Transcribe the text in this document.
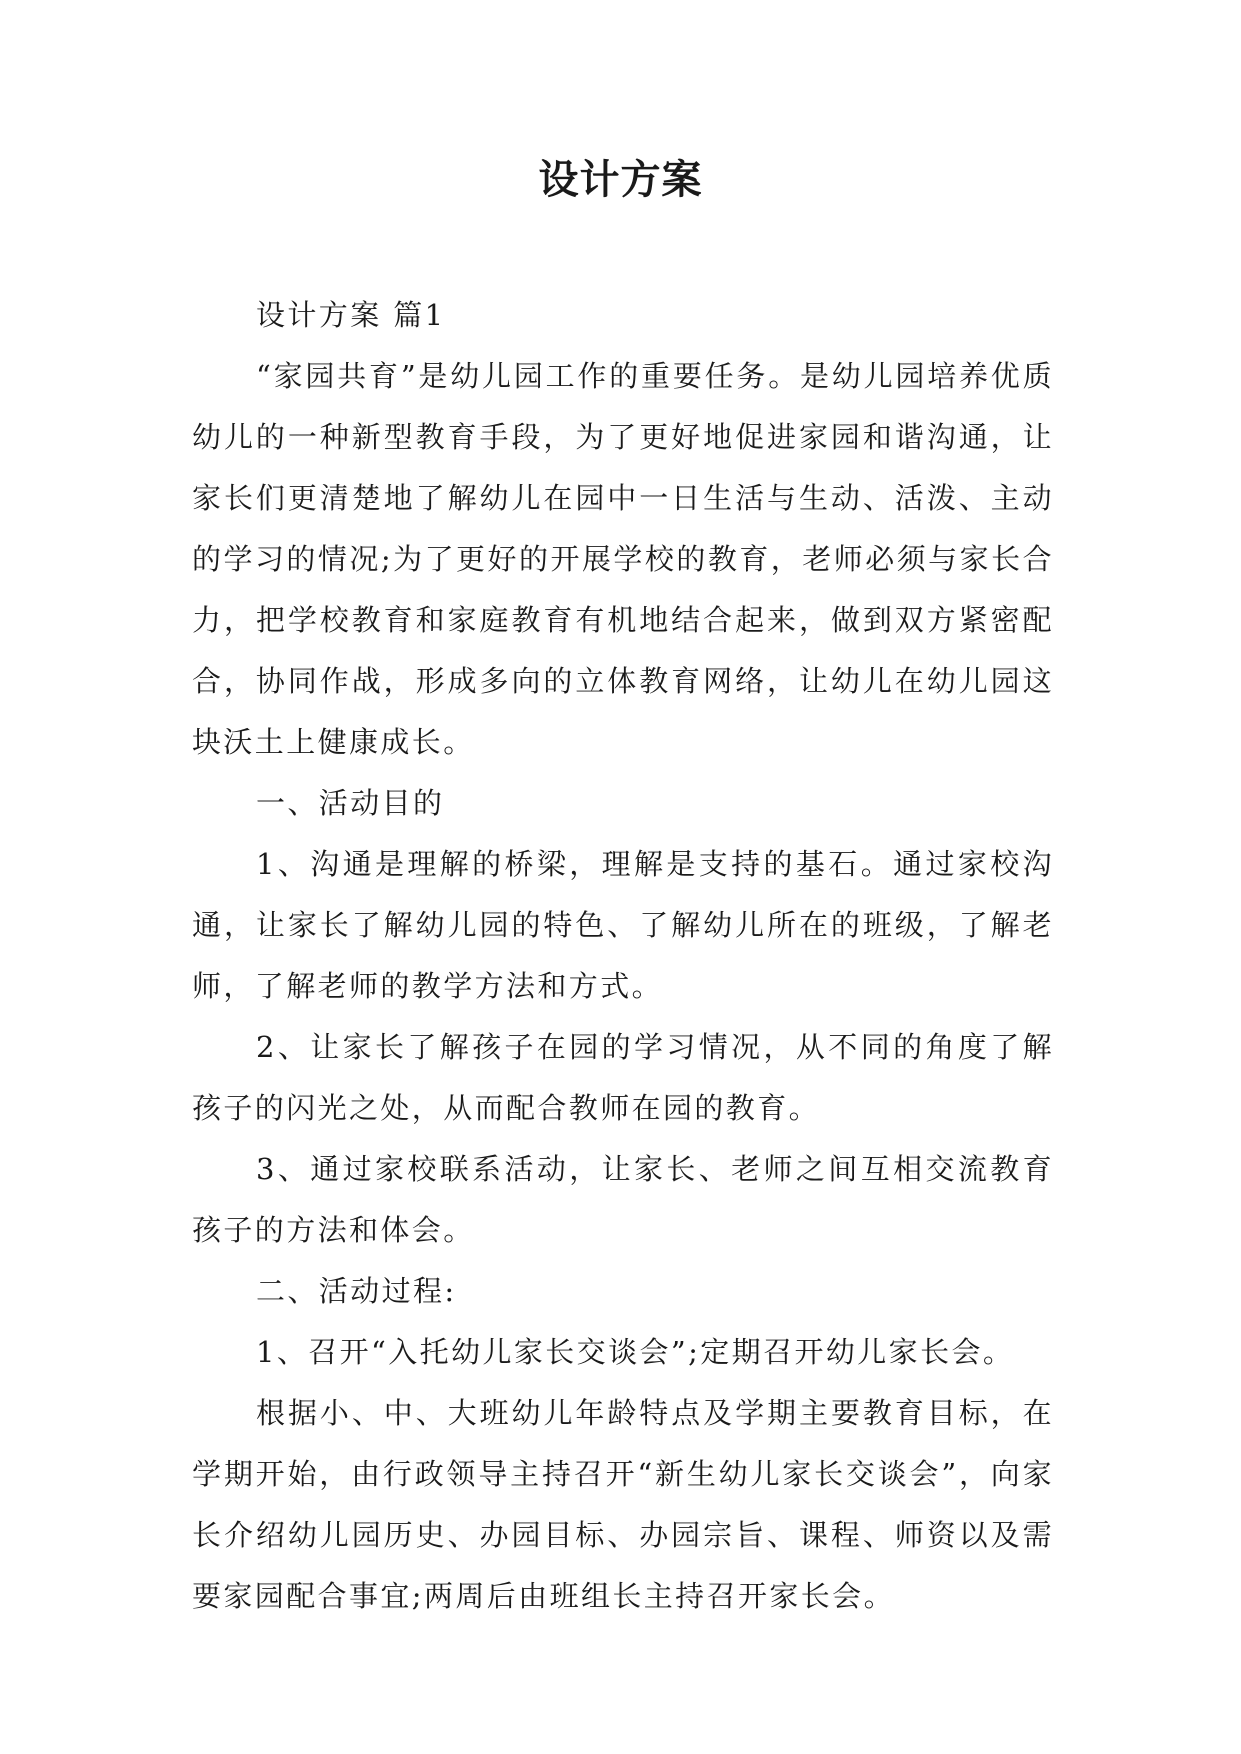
设计方案

设计方案 篇1

“家园共育”是幼儿园工作的重要任务。是幼儿园培养优质幼儿的一种新型教育手段，为了更好地促进家园和谐沟通，让家长们更清楚地了解幼儿在园中一日生活与生动、活泼、主动的学习的情况;为了更好的开展学校的教育，老师必须与家长合力，把学校教育和家庭教育有机地结合起来，做到双方紧密配合，协同作战，形成多向的立体教育网络，让幼儿在幼儿园这块沃土上健康成长。

一、活动目的

1、沟通是理解的桥梁，理解是支持的基石。通过家校沟通，让家长了解幼儿园的特色、了解幼儿所在的班级，了解老师，了解老师的教学方法和方式。

2、让家长了解孩子在园的学习情况，从不同的角度了解孩子的闪光之处，从而配合教师在园的教育。

3、通过家校联系活动，让家长、老师之间互相交流教育孩子的方法和体会。

二、活动过程:

1、召开“入托幼儿家长交谈会”;定期召开幼儿家长会。

根据小、中、大班幼儿年龄特点及学期主要教育目标，在学期开始，由行政领导主持召开“新生幼儿家长交谈会”，向家长介绍幼儿园历史、办园目标、办园宗旨、课程、师资以及需要家园配合事宜;两周后由班组长主持召开家长会。
